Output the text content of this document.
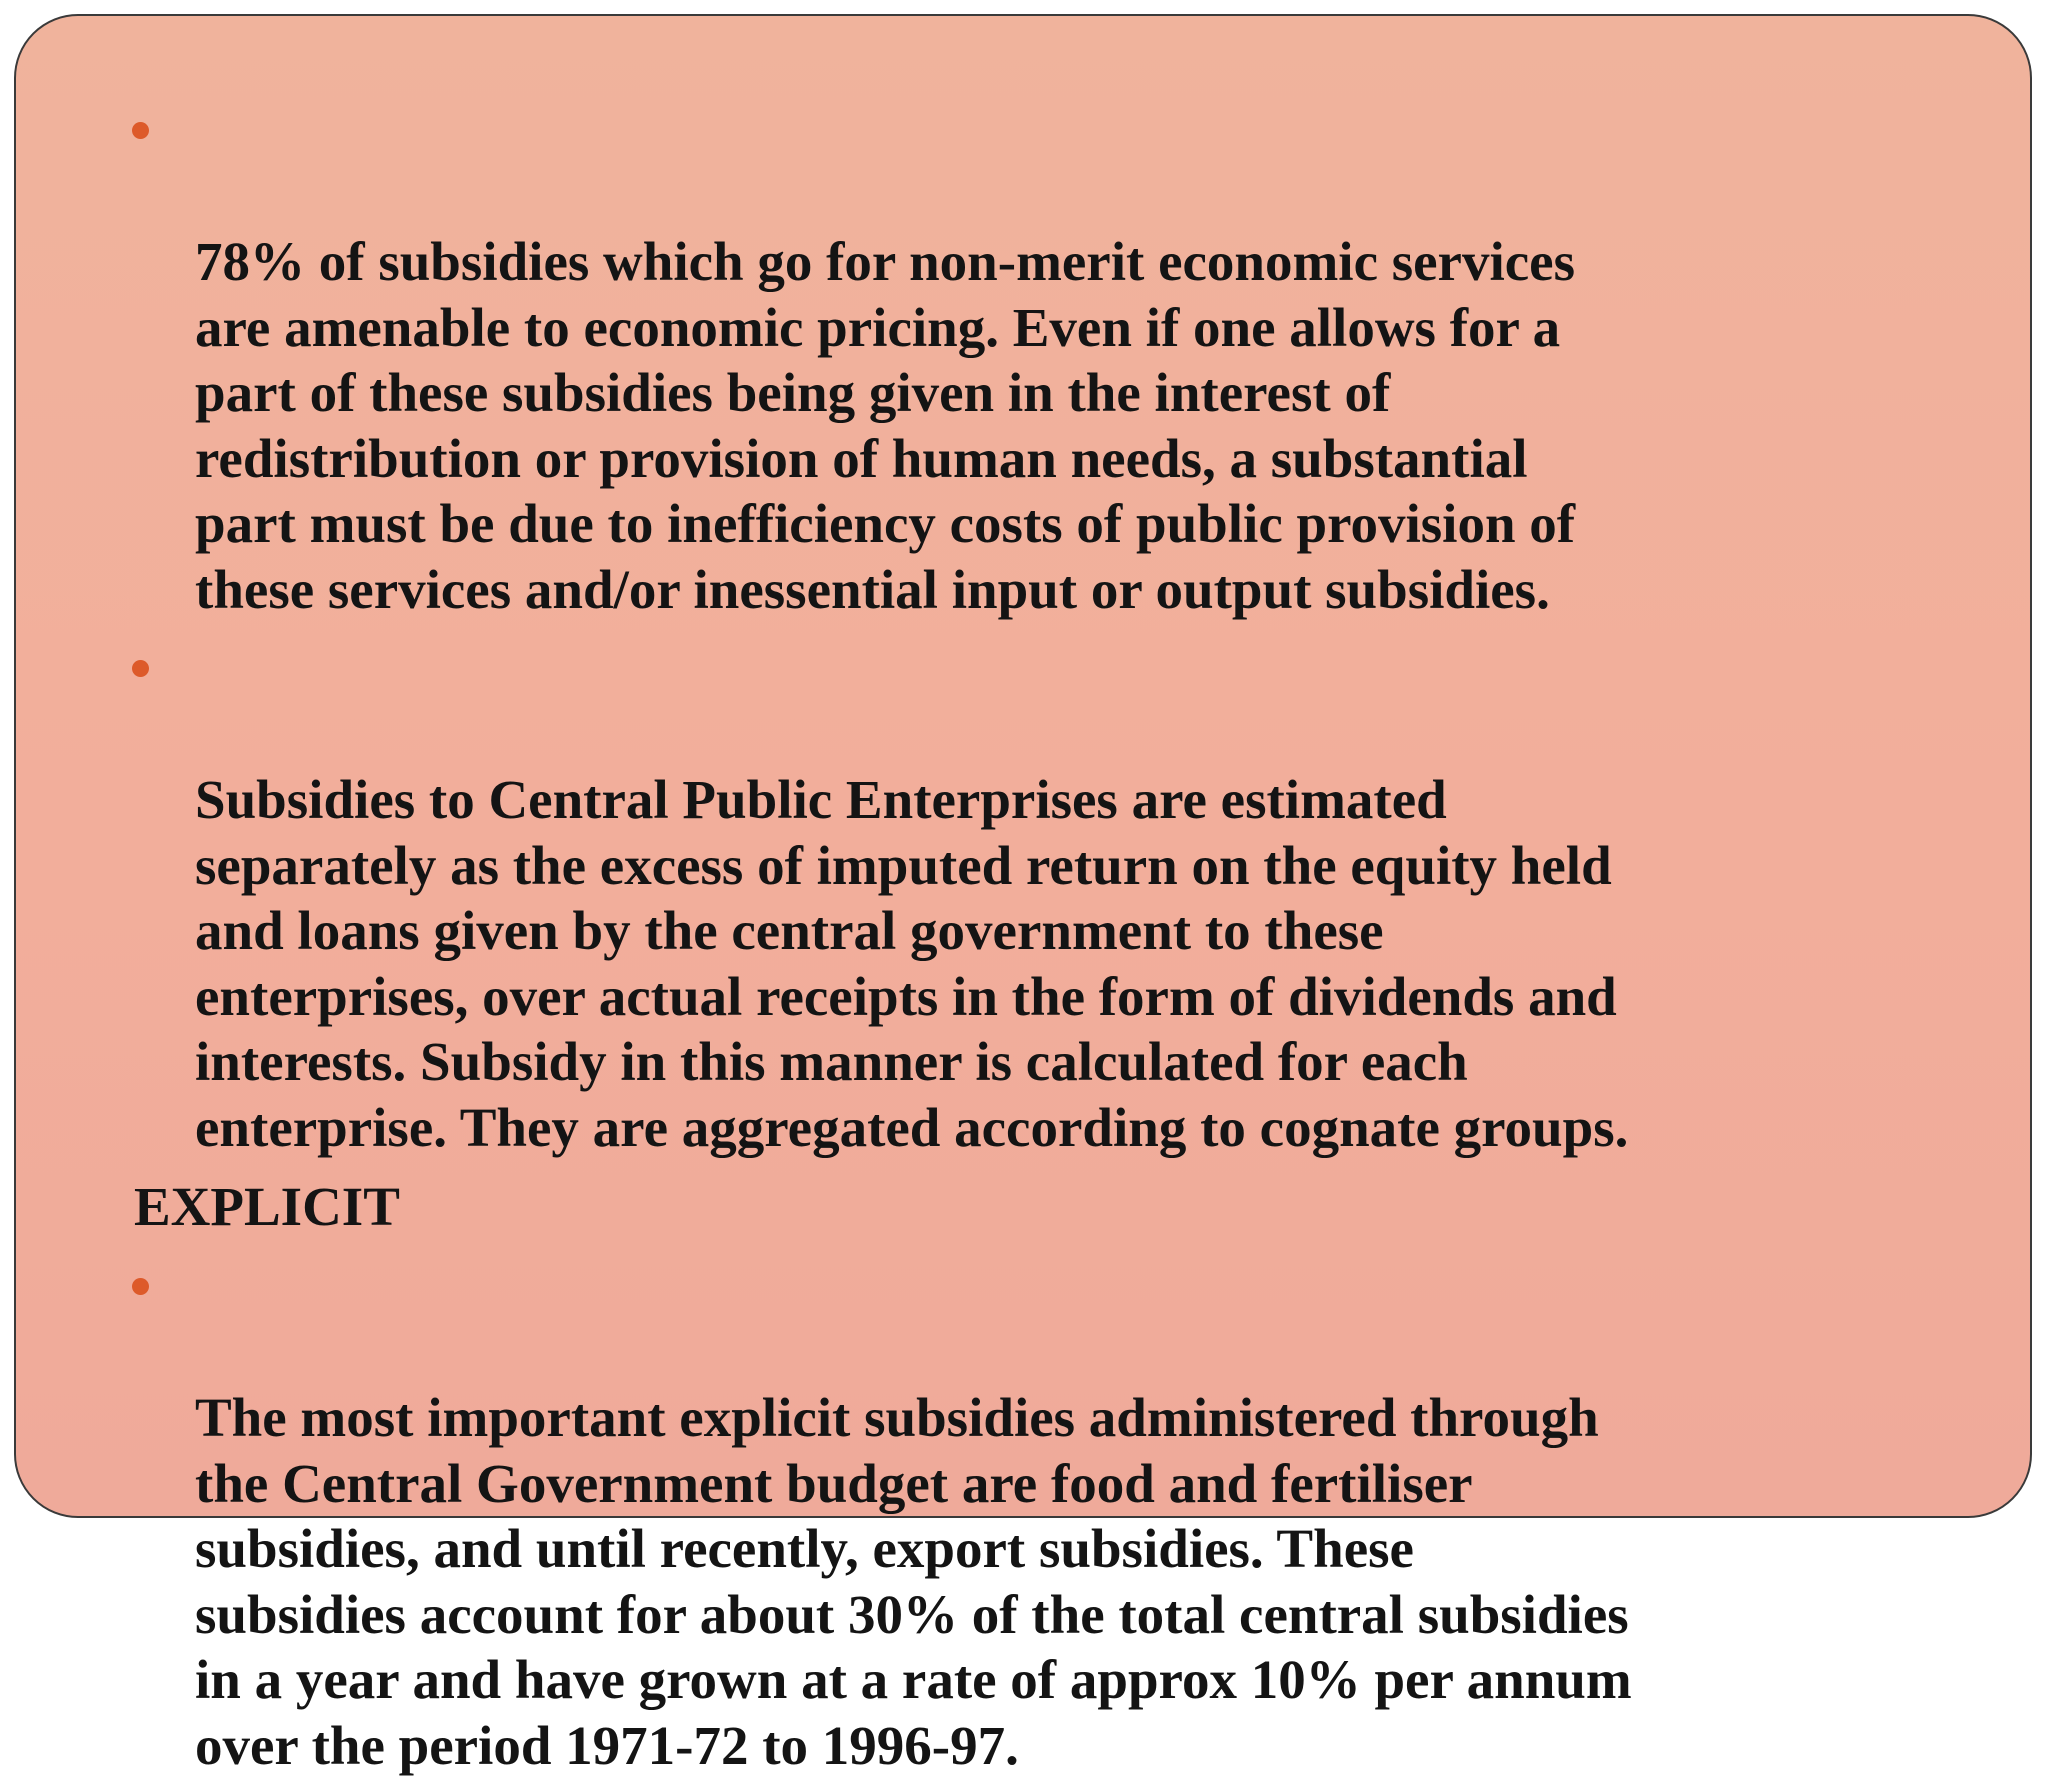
78% of subsidies which go for non-merit economic services
are amenable to economic pricing. Even if one allows for a
part of these subsidies being given in the interest of
redistribution or provision of human needs, a substantial
part must be due to inefficiency costs of public provision of
these services and/or inessential input or output subsidies.

Subsidies to Central Public Enterprises are estimated
separately as the excess of imputed return on the equity held
and loans given by the central government to these
enterprises, over actual receipts in the form of dividends and
interests. Subsidy in this manner is calculated for each
enterprise. They are aggregated according to cognate groups.

EXPLICIT

The most important explicit subsidies administered through
the Central Government budget are food and fertiliser
subsidies, and until recently, export subsidies. These
subsidies account for about 30% of the total central subsidies
in a year and have grown at a rate of approx 10% per annum
over the period 1971-72 to 1996-97.
